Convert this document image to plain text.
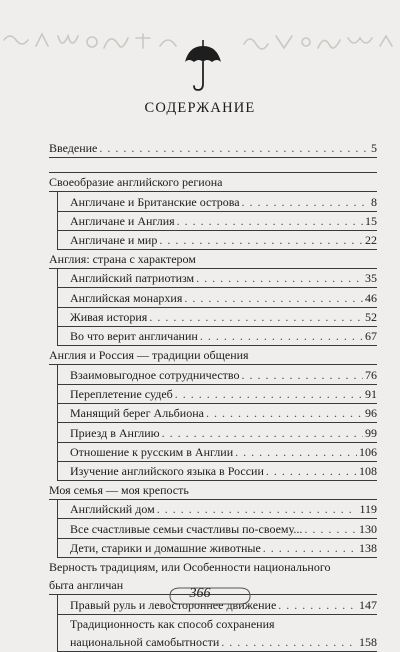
СОДЕРЖАНИЕ
Введение . . .	5
Своеобразие английского региона
Англичане и Британские острова . . .	8
Англичане и Англия . . .	15
Англичане и мир . . .	22
Англия: страна с характером
Английский патриотизм . . .	35
Английская монархия . . .	46
Живая история . . .	52
Во что верит англичанин . . .	67
Англия и Россия — традиции общения
Взаимовыгодное сотрудничество . . .	76
Переплетение судеб . . .	91
Манящий берег Альбиона . . .	96
Приезд в Англию . . .	99
Отношение к русским в Англии . . .	106
Изучение английского языка в России . . .	108
Моя семья — моя крепость
Английский дом . . .	119
Все счастливые семьи счастливы по-своему... . . .	130
Дети, старики и домашние животные . . .	138
Верность традициям, или Особенности национального
быта англичан
Правый руль и левостороннее движение . . .	147
Традиционность как способ сохранения
национальной самобытности . . .	158
366
